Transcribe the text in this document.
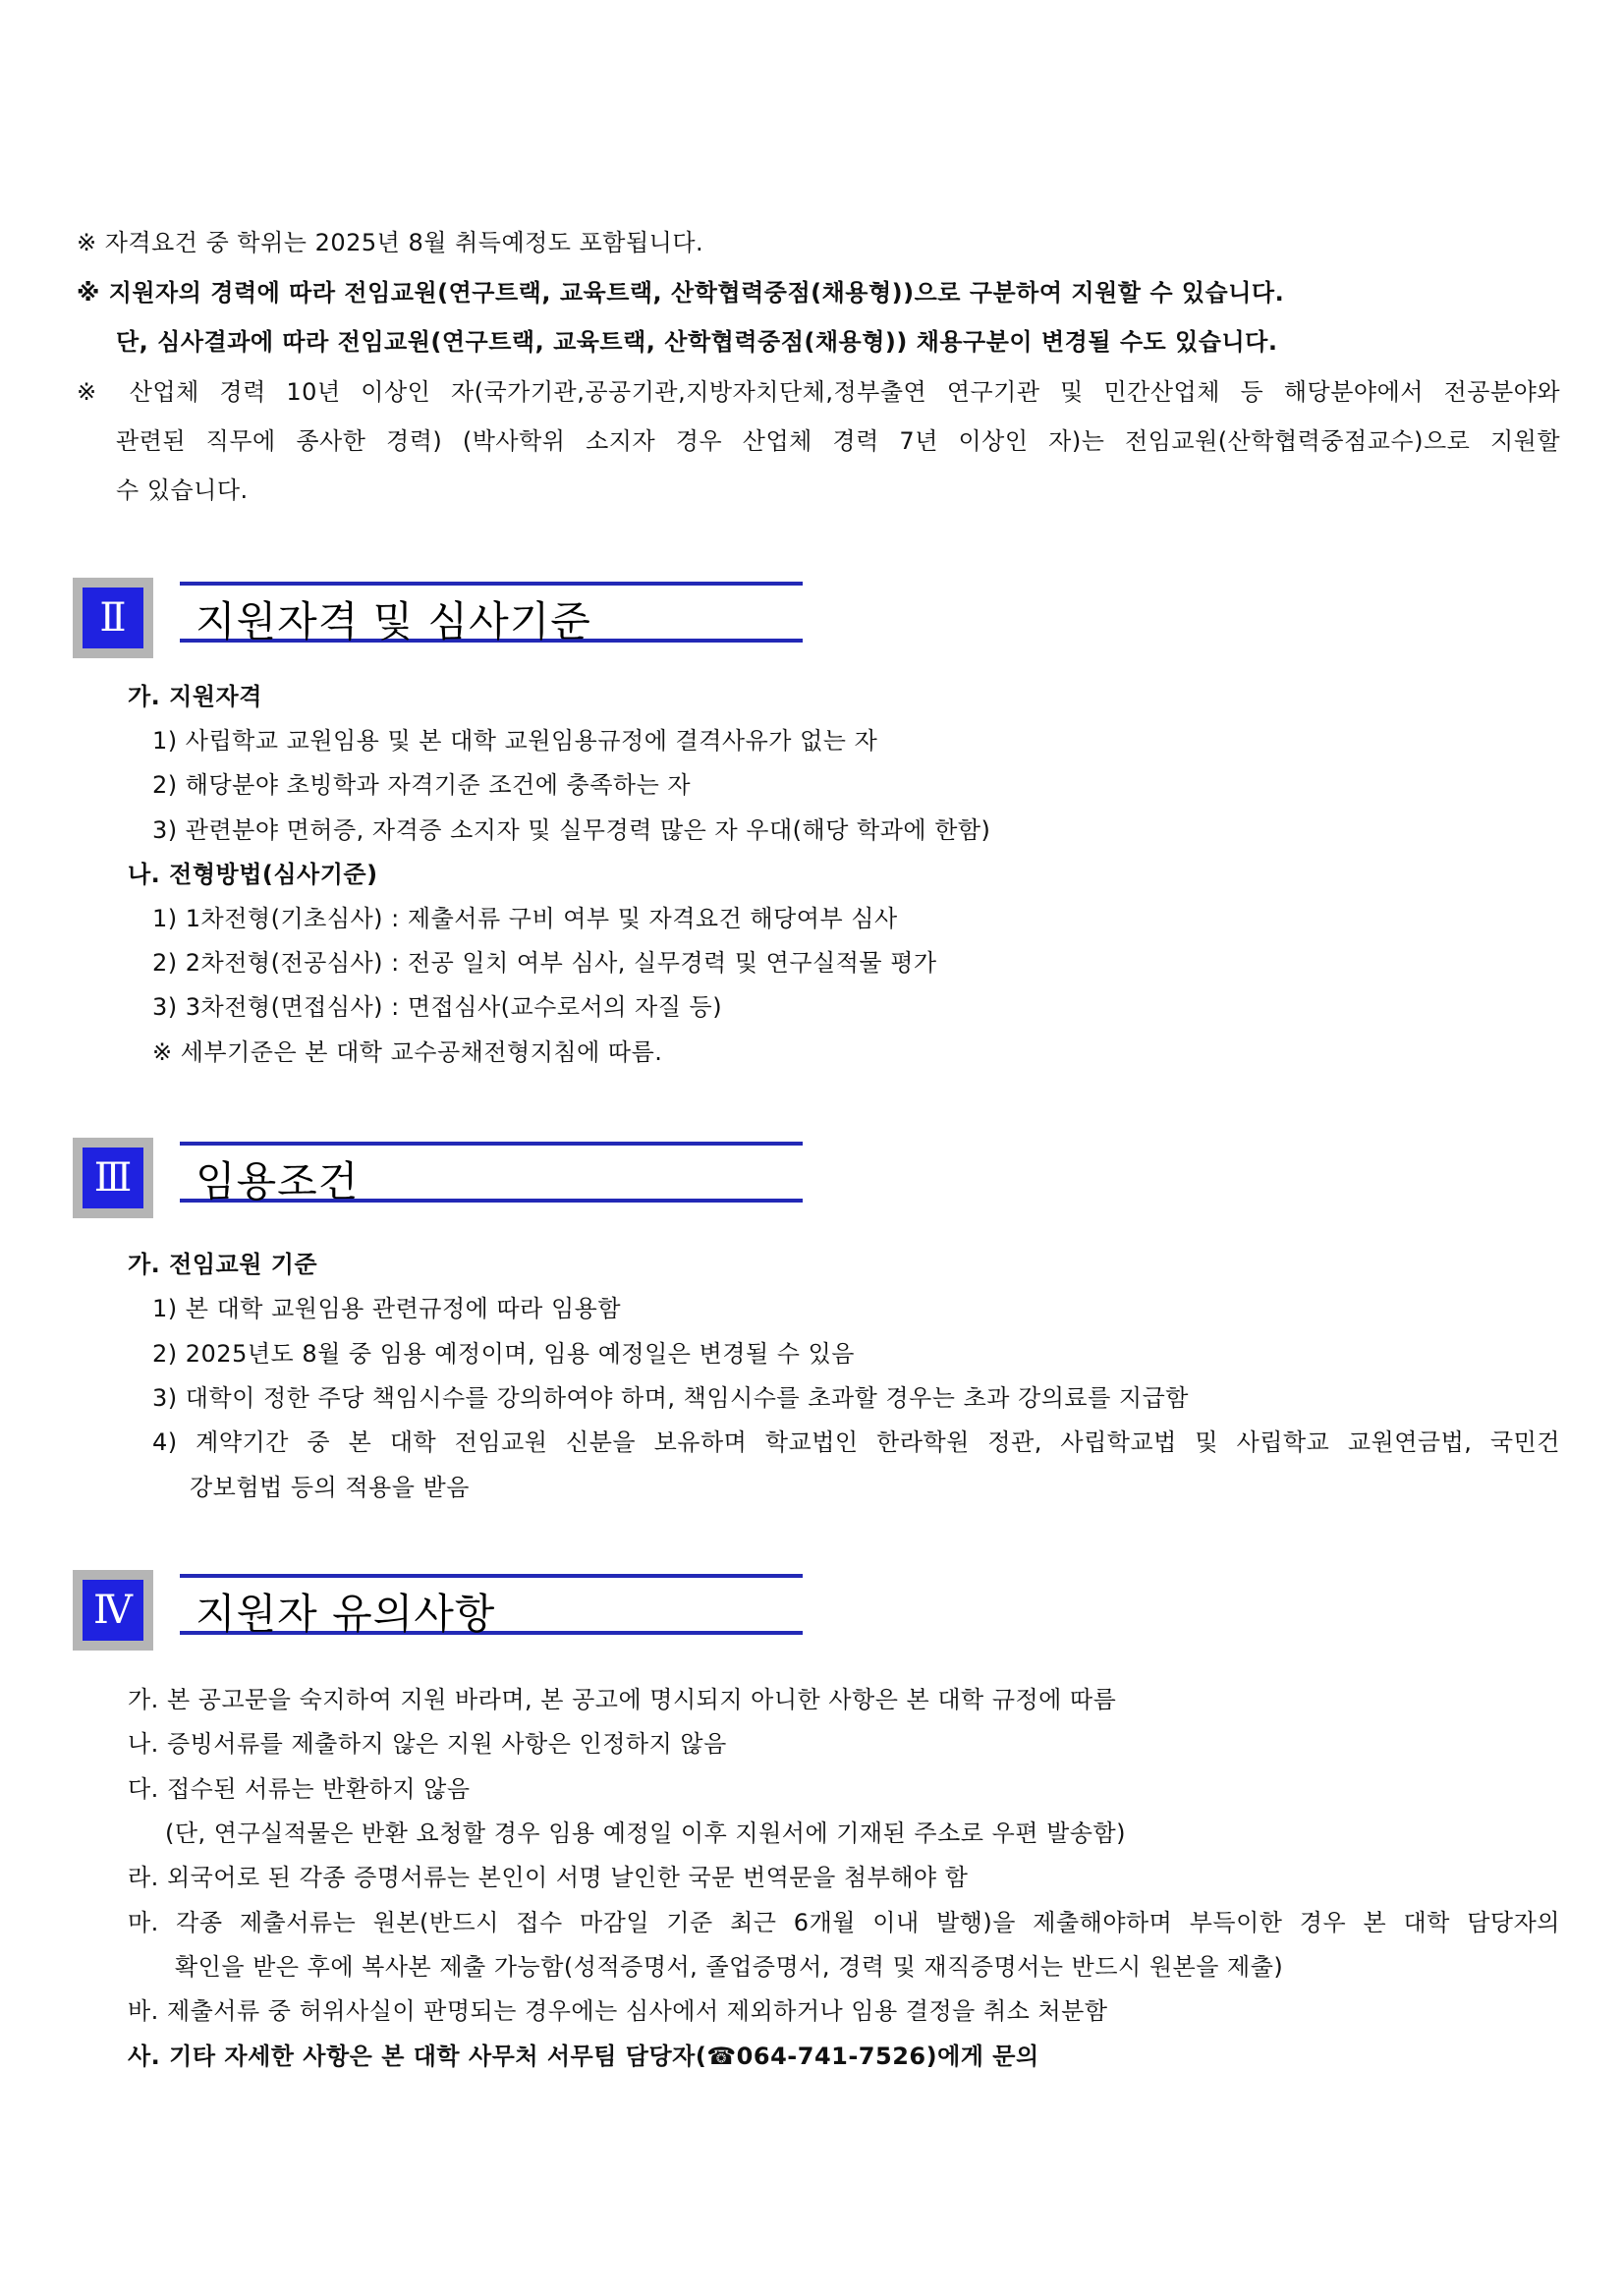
※ 자격요건 중 학위는 2025년 8월 취득예정도 포함됩니다.
※ 지원자의 경력에 따라 전임교원(연구트랙, 교육트랙, 산학협력중점(채용형))으로 구분하여 지원할 수 있습니다.
단, 심사결과에 따라 전임교원(연구트랙, 교육트랙, 산학협력중점(채용형)) 채용구분이 변경될 수도 있습니다.
※ 산업체 경력 10년 이상인 자(국가기관,공공기관,지방자치단체,정부출연 연구기관 및 민간산업체 등 해당분야에서 전공분야와
관련된 직무에 종사한 경력) (박사학위 소지자 경우 산업체 경력 7년 이상인 자)는 전임교원(산학협력중점교수)으로 지원할
수 있습니다.
Ⅱ	지원자격 및 심사기준
가. 지원자격
1) 사립학교 교원임용 및 본 대학 교원임용규정에 결격사유가 없는 자
2) 해당분야 초빙학과 자격기준 조건에 충족하는 자
3) 관련분야 면허증, 자격증 소지자 및 실무경력 많은 자 우대(해당 학과에 한함)
나. 전형방법(심사기준)
1) 1차전형(기초심사) : 제출서류 구비 여부 및 자격요건 해당여부 심사
2) 2차전형(전공심사) : 전공 일치 여부 심사, 실무경력 및 연구실적물 평가
3) 3차전형(면접심사) : 면접심사(교수로서의 자질 등)
※ 세부기준은 본 대학 교수공채전형지침에 따름.
Ⅲ 임용조건
가. 전임교원 기준
1) 본 대학 교원임용 관련규정에 따라 임용함
2) 2025년도 8월 중 임용 예정이며, 임용 예정일은 변경될 수 있음
3) 대학이 정한 주당 책임시수를 강의하여야 하며, 책임시수를 초과할 경우는 초과 강의료를 지급함
4) 계약기간 중 본 대학 전임교원 신분을 보유하며 학교법인 한라학원 정관, 사립학교법 및 사립학교 교원연금법, 국민건
강보험법 등의 적용을 받음
Ⅳ 지원자 유의사항
가. 본 공고문을 숙지하여 지원 바라며, 본 공고에 명시되지 아니한 사항은 본 대학 규정에 따름
나. 증빙서류를 제출하지 않은 지원 사항은 인정하지 않음
다. 접수된 서류는 반환하지 않음
(단, 연구실적물은 반환 요청할 경우 임용 예정일 이후 지원서에 기재된 주소로 우편 발송함)
라. 외국어로 된 각종 증명서류는 본인이 서명 날인한 국문 번역문을 첨부해야 함
마. 각종 제출서류는 원본(반드시 접수 마감일 기준 최근 6개월 이내 발행)을 제출해야하며 부득이한 경우 본 대학 담당자의
확인을 받은 후에 복사본 제출 가능함(성적증명서, 졸업증명서, 경력 및 재직증명서는 반드시 원본을 제출)
바. 제출서류 중 허위사실이 판명되는 경우에는 심사에서 제외하거나 임용 결정을 취소 처분함
사. 기타 자세한 사항은 본 대학 사무처 서무팀 담당자(☎064-741-7526)에게 문의
